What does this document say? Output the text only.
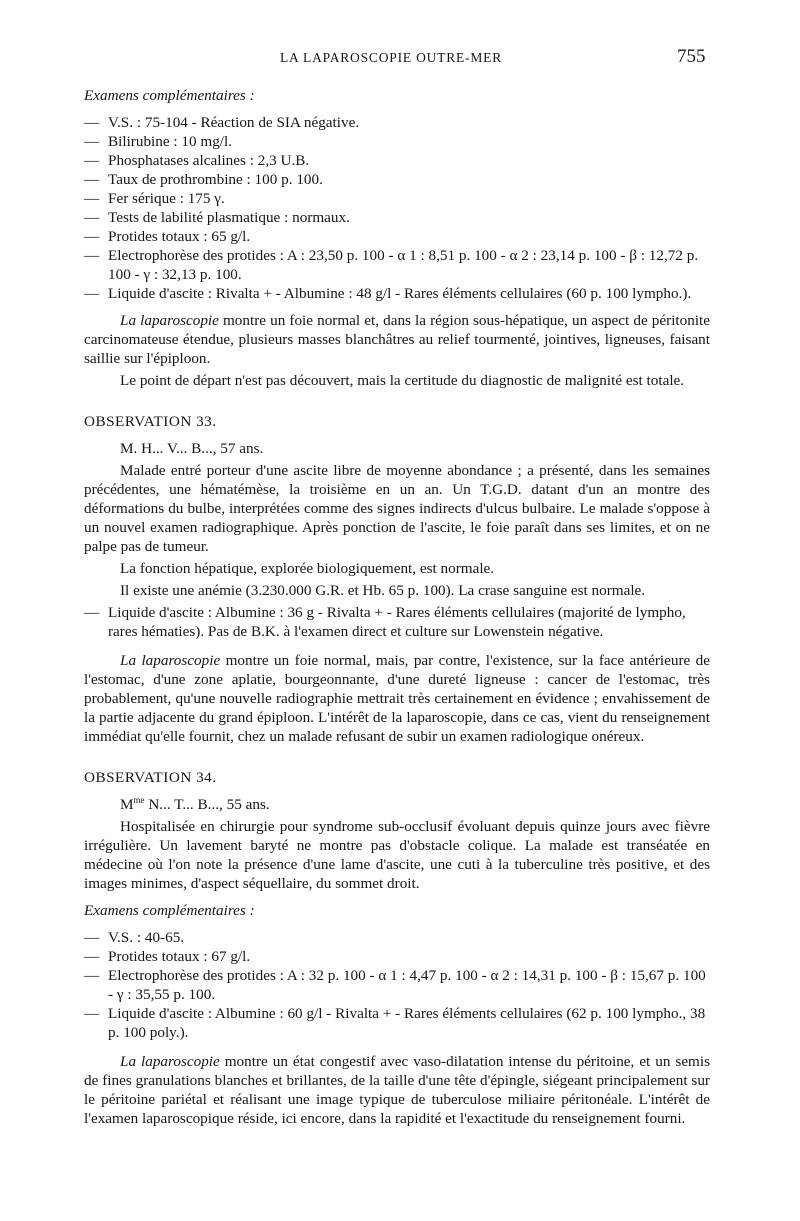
LA LAPAROSCOPIE OUTRE-MER	755
Examens complémentaires :

— V.S. : 75-104 - Réaction de SIA négative.

— Bilirubine : 10 mg/l.

— Phosphatases alcalines : 2,3 U.B.

— Taux de prothrombine : 100 p. 100.

— Fer sérique : 175 γ.

— Tests de labilité plasmatique : normaux.

— Protides totaux : 65 g/l.

— Electrophorèse des protides : A : 23,50 p. 100 - α 1 : 8,51 p. 100 - α 2 : 23,14 p. 100 - β : 12,72 p. 100 - γ : 32,13 p. 100.

— Liquide d'ascite : Rivalta + - Albumine : 48 g/l - Rares éléments cellulaires (60 p. 100 lympho.).

La laparoscopie montre un foie normal et, dans la région sous-hépatique, un aspect de péritonite carcinomateuse étendue, plusieurs masses blanchâtres au relief tourmenté, jointives, ligneuses, faisant saillie sur l'épiploon.

Le point de départ n'est pas découvert, mais la certitude du diagnostic de malignité est totale.

OBSERVATION 33.

M. H... V... B..., 57 ans.

Malade entré porteur d'une ascite libre de moyenne abondance ; a présenté, dans les semaines précédentes, une hématémèse, la troisième en un an. Un T.G.D. datant d'un an montre des déformations du bulbe, interprétées comme des signes indirects d'ulcus bulbaire. Le malade s'oppose à un nouvel examen radiographique. Après ponction de l'ascite, le foie paraît dans ses limites, et on ne palpe pas de tumeur.

La fonction hépatique, explorée biologiquement, est normale.

Il existe une anémie (3.230.000 G.R. et Hb. 65 p. 100). La crase sanguine est normale.

— Liquide d'ascite : Albumine : 36 g - Rivalta + - Rares éléments cellulaires (majorité de lympho, rares hématies). Pas de B.K. à l'examen direct et culture sur Lowenstein négative.

La laparoscopie montre un foie normal, mais, par contre, l'existence, sur la face antérieure de l'estomac, d'une zone aplatie, bourgeonnante, d'une dureté ligneuse : cancer de l'estomac, très probablement, qu'une nouvelle radiographie mettrait très certainement en évidence ; envahissement de la partie adjacente du grand épiploon. L'intérêt de la laparoscopie, dans ce cas, vient du renseignement immédiat qu'elle fournit, chez un malade refusant de subir un examen radiologique onéreux.

OBSERVATION 34.

$M^{me}$ N... T... B..., 55 ans.

Hospitalisée en chirurgie pour syndrome sub-occlusif évoluant depuis quinze jours avec fièvre irrégulière. Un lavement baryté ne montre pas d'obstacle colique. La malade est transéatée en médecine où l'on note la présence d'une lame d'ascite, une cuti à la tuberculine très positive, et des images minimes, d'aspect séquellaire, du sommet droit.

Examens complémentaires :

— V.S. : 40-65.

— Protides totaux : 67 g/l.

— Electrophorèse des protides : A : 32 p. 100 - α 1 : 4,47 p. 100 - α 2 : 14,31 p. 100 - β : 15,67 p. 100 - γ : 35,55 p. 100.

— Liquide d'ascite : Albumine : 60 g/l - Rivalta + - Rares éléments cellulaires (62 p. 100 lympho., 38 p. 100 poly.).

La laparoscopie montre un état congestif avec vaso-dilatation intense du péritoine, et un semis de fines granulations blanches et brillantes, de la taille d'une tête d'épingle, siégeant principalement sur le péritoine pariétal et réalisant une image typique de tuberculose miliaire péritonéale. L'intérêt de l'examen laparoscopique réside, ici encore, dans la rapidité et l'exactitude du renseignement fourni.
